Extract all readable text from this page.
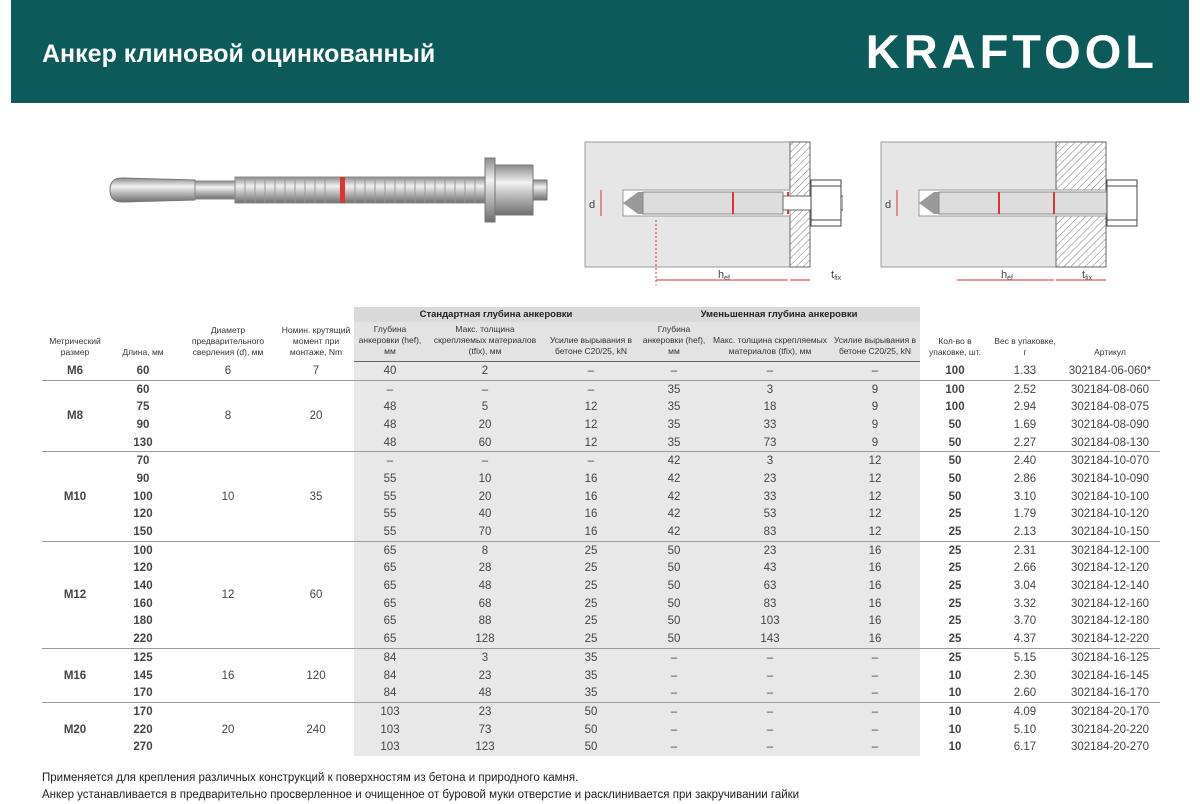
Анкер клиновой оцинкованный	KRAFTOOL
d
hef	tfix
d
hef	tfix
Метрический размер	Длина, мм	Диаметр предварительного сверления (d), мм	Номин. крутящий момент при монтаже, Nm	Стандартная глубина анкеровки			Уменьшенная глубина анкеровки			Кол-во в упаковке, шт.	Вес в упаковке, г	Артикул
				Глубина анкеровки (hef), мм	Макс. толщина скрепляемых материалов (tfix), мм	Усилие вырывания в бетоне C20/25, kN	Глубина анкеровки (hef), мм	Макс. толщина скрепляемых материалов (tfix), мм	Усилие вырывания в бетоне C20/25, kN			
M6	60	6	7	40	2	–	–	–	–	100	1.33	302184-06-060*
M8	60	8	20	–	–	–	35	3	9	100	2.52	302184-08-060
	75			48	5	12	35	18	9	100	2.94	302184-08-075
	90			48	20	12	35	33	9	50	1.69	302184-08-090
	130			48	60	12	35	73	9	50	2.27	302184-08-130
M10	70	10	35	–	–	–	42	3	12	50	2.40	302184-10-070
	90			55	10	16	42	23	12	50	2.86	302184-10-090
	100			55	20	16	42	33	12	50	3.10	302184-10-100
	120			55	40	16	42	53	12	25	1.79	302184-10-120
	150			55	70	16	42	83	12	25	2.13	302184-10-150
M12	100	12	60	65	8	25	50	23	16	25	2.31	302184-12-100
	120			65	28	25	50	43	16	25	2.66	302184-12-120
	140			65	48	25	50	63	16	25	3.04	302184-12-140
	160			65	68	25	50	83	16	25	3.32	302184-12-160
	180			65	88	25	50	103	16	25	3.70	302184-12-180
	220			65	128	25	50	143	16	25	4.37	302184-12-220
M16	125	16	120	84	3	35	–	–	–	25	5.15	302184-16-125
	145			84	23	35	–	–	–	10	2.30	302184-16-145
	170			84	48	35	–	–	–	10	2.60	302184-16-170
M20	170	20	240	103	23	50	–	–	–	10	4.09	302184-20-170
	220			103	73	50	–	–	–	10	5.10	302184-20-220
	270			103	123	50	–	–	–	10	6.17	302184-20-270
Применяется для крепления различных конструкций к поверхностям из бетона и природного камня.
Анкер устанавливается в предварительно просверленное и очищенное от буровой муки отверстие и расклинивается при закручивании гайки
